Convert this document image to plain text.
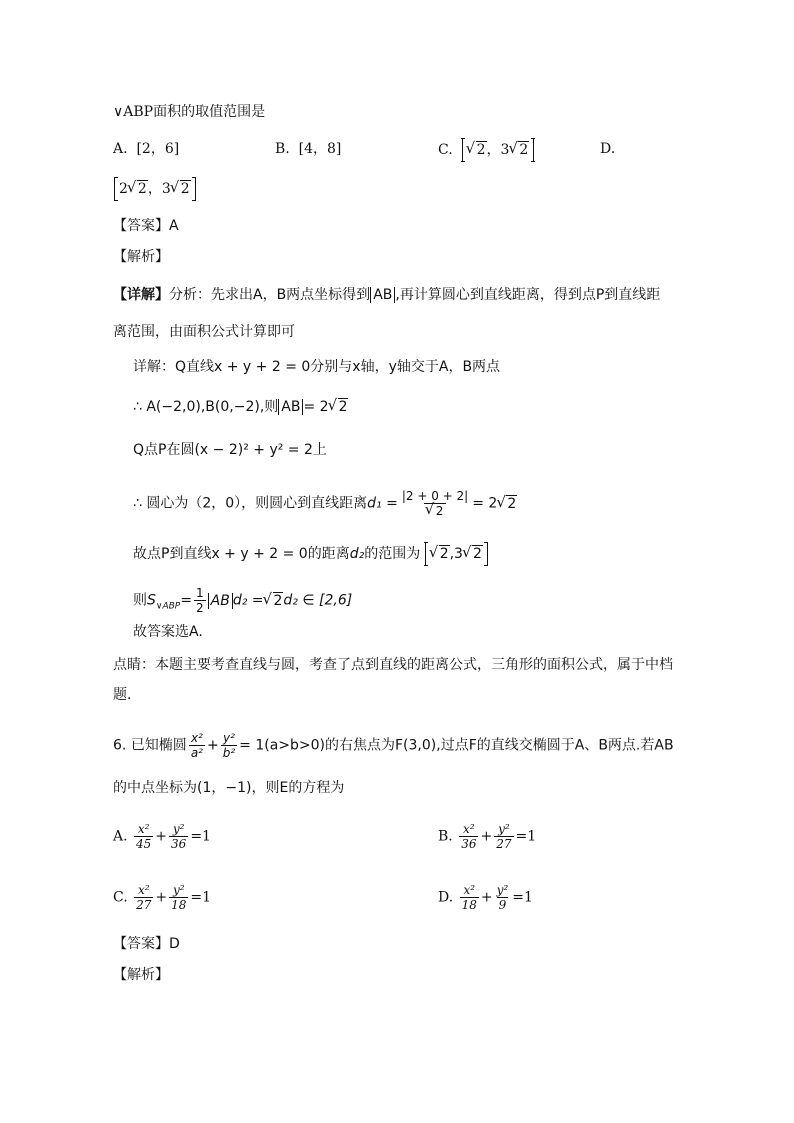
∨ABP面积的取值范围是
A. [2，6]	B. [4，8]	C. √ 2，3 √ 2	D.
2 √ 2，3 √ 2
【答案】A
【解析】
【详解】分析：先求出A，B两点坐标得到 AB ,再计算圆心到直线距离，得到点P到直线距
离范围，由面积公式计算即可
详解：Q直线x + y + 2 = 0分别与x轴，y轴交于A，B两点
∴ A(−2,0),B(0,−2),则 AB = 2 √ 2
Q点P在圆(x − 2)² + y² = 2上
∴ 圆心为（2，0），则圆心到直线距离d₁ = |2 + 0 + 2|
√ 2 = 2 √ 2
故点P到直线x + y + 2 = 0的距离d₂的范围为 √ 2,3 √ 2
则$S_{\vee ABP}= \frac{1}{2}$ AB d₂ = √ 2d₂ ∈ [2,6]
故答案选A.
点睛：本题主要考查直线与圆，考查了点到直线的距离公式，三角形的面积公式，属于中档
题．
6. 已知椭圆 $\frac{\text{x²}}{\text{a²}} + \frac{\text{y²}}{\text{b²}} = 1(a>b>0)$的右焦点为F(3,0),过点F的直线交椭圆于A、B两点.若AB
的中点坐标为(1，−1)，则E的方程为
A. $\frac{\text{x²}}{45} + \frac{\text{y²}}{36} =1$	B. $\frac{\text{x²}}{36} + \frac{\text{y²}}{27} =1$
C. $\frac{\text{x²}}{27} + \frac{\text{y²}}{18} =1$	D. $\frac{\text{x²}}{18} + \frac{\text{y²}}{9} =1$
【答案】D
【解析】
